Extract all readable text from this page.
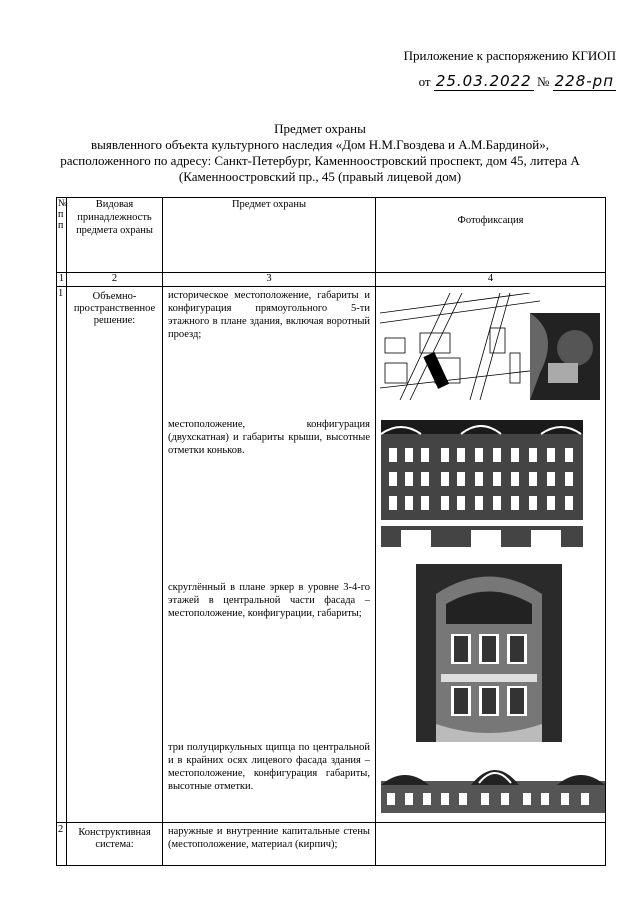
Приложение к распоряжению КГИОП
от 25.03.2022 № 228-рп
Предмет охраны
выявленного объекта культурного наследия «Дом Н.М.Гвоздева и А.М.Бардиной»,
расположенного по адресу: Санкт-Петербург, Каменноостровский проспект, дом 45, литера А
(Каменноостровский пр., 45 (правый лицевой дом)
№ п п	Видовая принадлежность предмета охраны	Предмет охраны	Фотофиксация
1	2	3	4
1	Объемно-пространственное решение:	историческое местоположение, габариты и конфигурация прямоугольного 5-ти этажного в плане здания, включая воротный проезд;
местоположение, конфигурация (двухскатная) и габариты крыши, высотные отметки коньков.
скруглённый в плане эркер в уровне 3-4-го этажей в центральной части фасада – местоположение, конфигурации, габариты;
три полуциркульных щипца по центральной и в крайних осях лицевого фасада здания – местоположение, конфигурация габариты, высотные отметки.

2	Конструктивная система:	наружные и внутренние капитальные стены (местоположение, материал (кирпич);	
